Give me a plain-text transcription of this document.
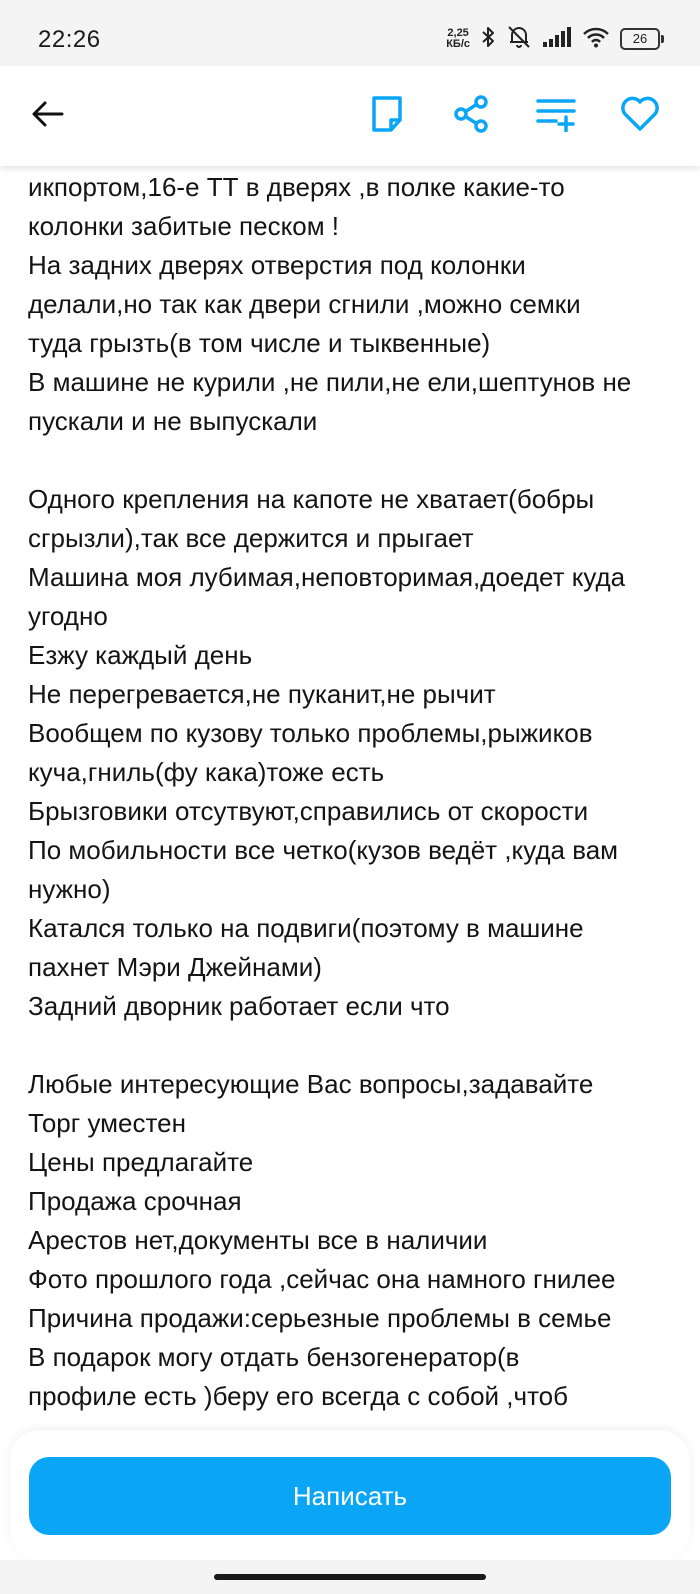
22:26	2,25
КБ/с	26
икпортом,16-е ТТ в дверях ,в полке какие-то
колонки забитые песком !
На задних дверях отверстия под колонки
делали,но так как двери сгнили ,можно семки
туда грызть(в том числе и тыквенные)
В машине не курили ,не пили,не ели,шептунов не
пускали и не выпускали
Одного крепления на капоте не хватает(бобры
сгрызли),так все держится и прыгает
Машина моя лубимая,неповторимая,доедет куда
угодно
Езжу каждый день
Не перегревается,не пуканит,не рычит
Вообщем по кузову только проблемы,рыжиков
куча,гниль(фу кака)тоже есть
Брызговики отсутвуют,справились от скорости
По мобильности все четко(кузов ведёт ,куда вам
нужно)
Катался только на подвиги(поэтому в машине
пахнет Мэри Джейнами)
Задний дворник работает если что
Любые интересующие Вас вопросы,задавайте
Торг уместен
Цены предлагайте
Продажа срочная
Арестов нет,документы все в наличии
Фото прошлого года ,сейчас она намного гнилее
Причина продажи:серьезные проблемы в семье
В подарок могу отдать бензогенератор(в
профиле есть )беру его всегда с собой ,чтоб
Написать
